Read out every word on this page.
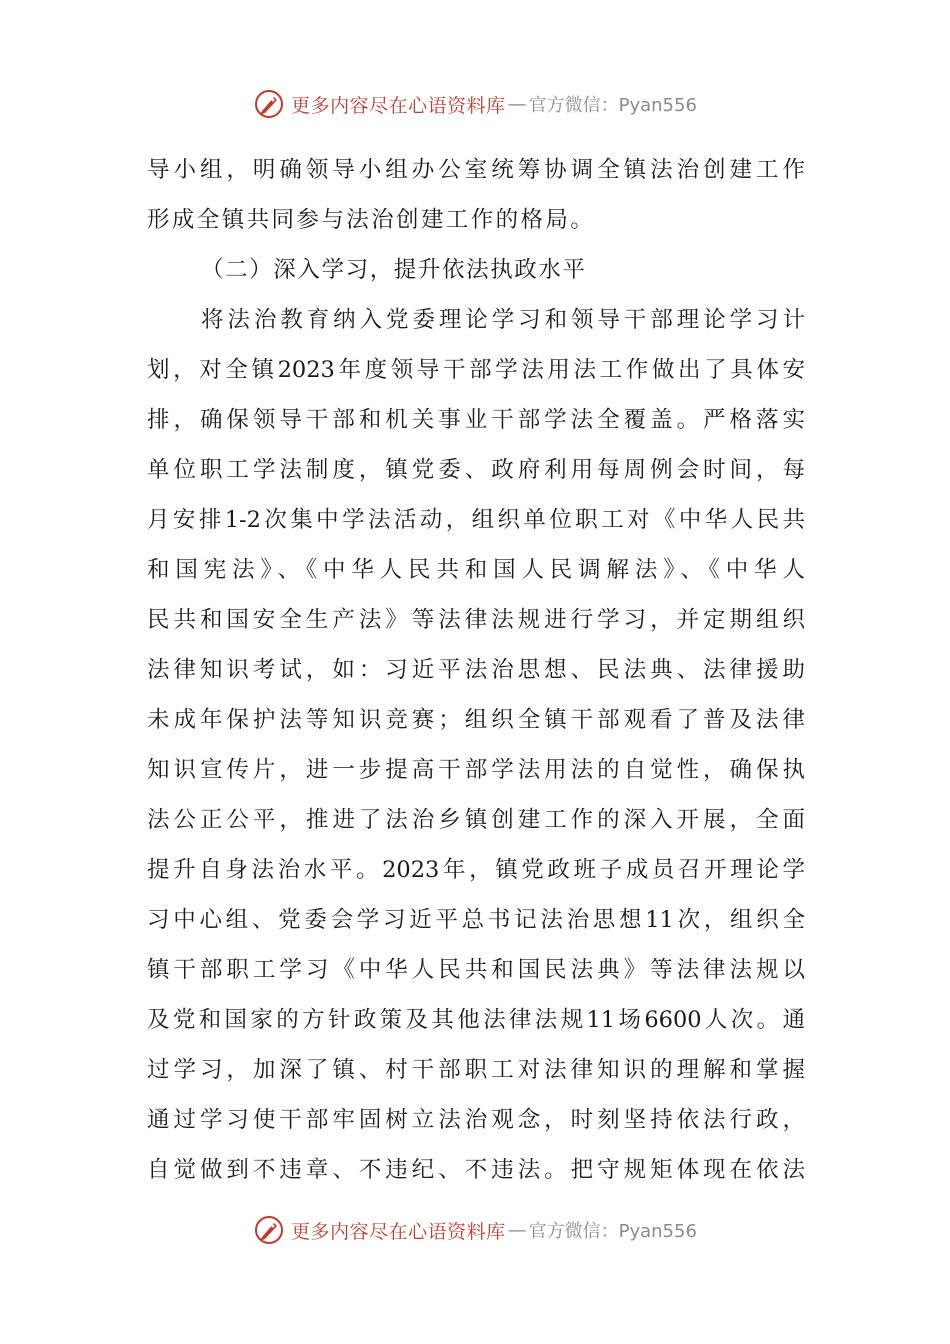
更多内容尽在心语资料库 — 官方微信：Pyan556
导小组，明确领导小组办公室统筹协调全镇法治创建工作
形成全镇共同参与法治创建工作的格局。
（二）深入学习，提升依法执政水平
将法治教育纳入党委理论学习和领导干部理论学习计
划，对全镇2023年度领导干部学法用法工作做出了具体安
排，确保领导干部和机关事业干部学法全覆盖。严格落实
单位职工学法制度，镇党委、政府利用每周例会时间，每
月安排1-2次集中学法活动，组织单位职工对《中华人民共
和国宪法》、《中华人民共和国人民调解法》、《中华人
民共和国安全生产法》等法律法规进行学习，并定期组织
法律知识考试，如：习近平法治思想、民法典、法律援助
未成年保护法等知识竞赛；组织全镇干部观看了普及法律
知识宣传片，进一步提高干部学法用法的自觉性，确保执
法公正公平，推进了法治乡镇创建工作的深入开展，全面
提升自身法治水平。2023年，镇党政班子成员召开理论学
习中心组、党委会学习近平总书记法治思想11次，组织全
镇干部职工学习《中华人民共和国民法典》等法律法规以
及党和国家的方针政策及其他法律法规11场6600人次。通
过学习，加深了镇、村干部职工对法律知识的理解和掌握
通过学习使干部牢固树立法治观念，时刻坚持依法行政，
自觉做到不违章、不违纪、不违法。把守规矩体现在依法
更多内容尽在心语资料库 — 官方微信：Pyan556
